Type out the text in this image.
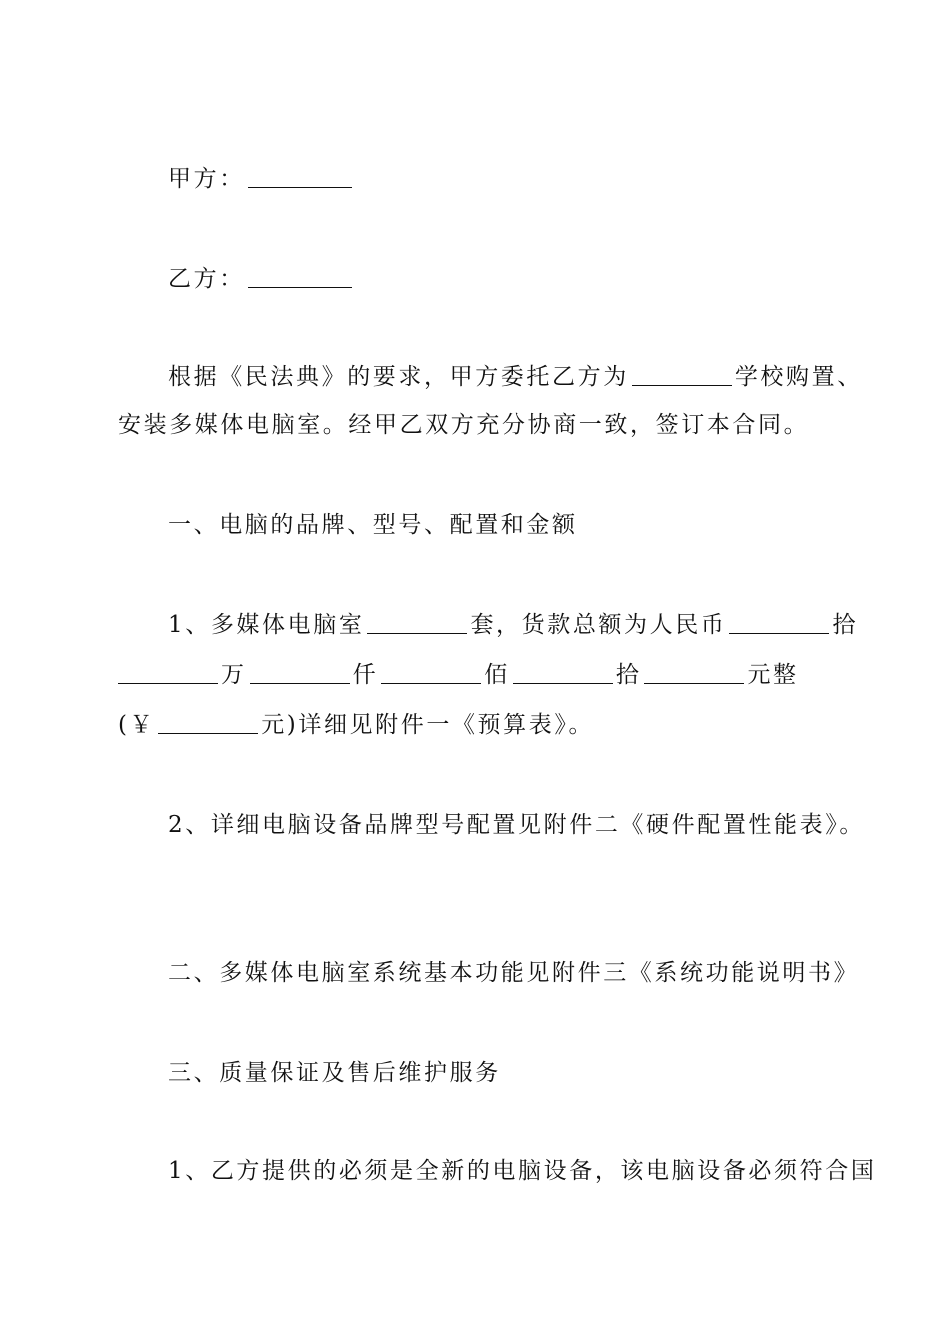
甲方：
乙方：
根据《民法典》的要求，甲方委托乙方为	学校购置、
安装多媒体电脑室。经甲乙双方充分协商一致，签订本合同。
一、电脑的品牌、型号、配置和金额
1、多媒体电脑室	套，货款总额为人民币	拾
万	仟	佰	拾	元整
(￥	元)详细见附件一《预算表》。
2、详细电脑设备品牌型号配置见附件二《硬件配置性能表》。
二、多媒体电脑室系统基本功能见附件三《系统功能说明书》
三、质量保证及售后维护服务
1、乙方提供的必须是全新的电脑设备，该电脑设备必须符合国
